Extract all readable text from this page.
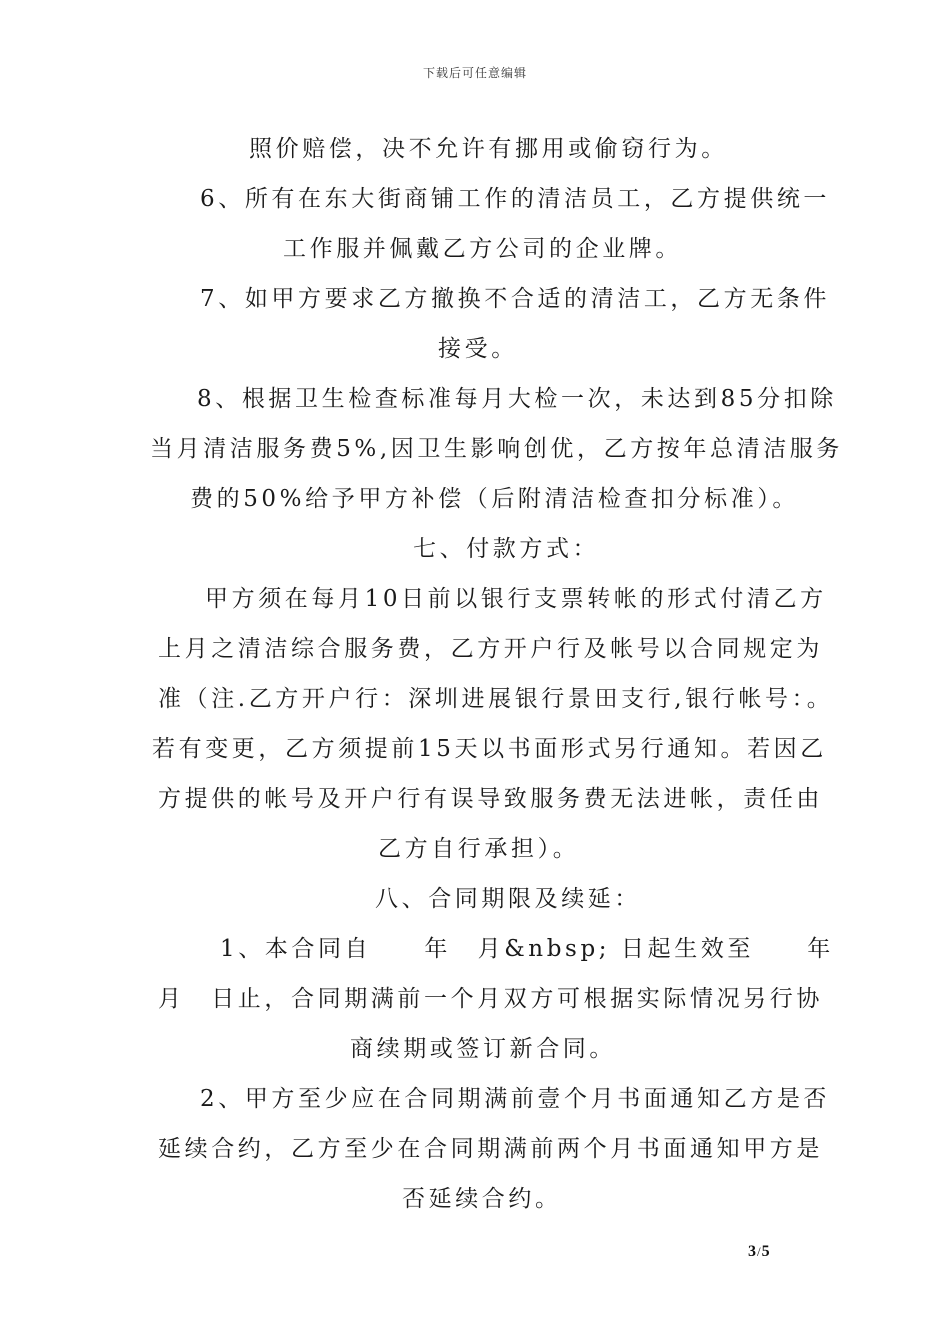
下载后可任意编辑
照价赔偿，决不允许有挪用或偷窃行为。
6、所有在东大街商铺工作的清洁员工，乙方提供统一
工作服并佩戴乙方公司的企业牌。
7、如甲方要求乙方撤换不合适的清洁工，乙方无条件
接受。
8、根据卫生检查标准每月大检一次，未达到85分扣除
当月清洁服务费5%,因卫生影响创优，乙方按年总清洁服务
费的50%给予甲方补偿（后附清洁检查扣分标准）。
七、付款方式：
甲方须在每月10日前以银行支票转帐的形式付清乙方
上月之清洁综合服务费，乙方开户行及帐号以合同规定为
准（注.乙方开户行：深圳进展银行景田支行,银行帐号：。
若有变更，乙方须提前15天以书面形式另行通知。若因乙
方提供的帐号及开户行有误导致服务费无法进帐，责任由
乙方自行承担）。
八、合同期限及续延：
1、本合同自　　年　月&nbsp; 日起生效至　　年
月　日止，合同期满前一个月双方可根据实际情况另行协
商续期或签订新合同。
2、甲方至少应在合同期满前壹个月书面通知乙方是否
延续合约，乙方至少在合同期满前两个月书面通知甲方是
否延续合约。
3/5
